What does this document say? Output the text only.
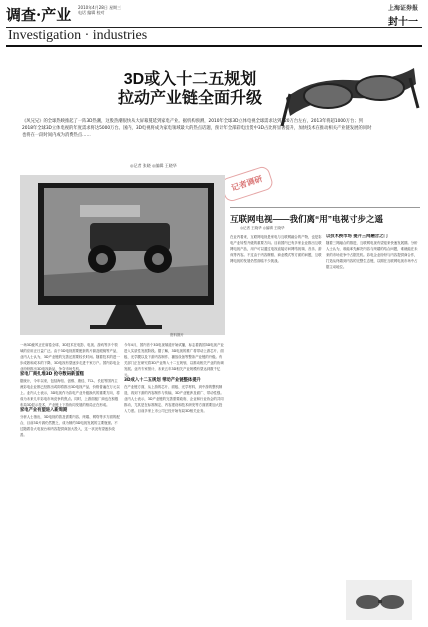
调查·产业 2010年4月28日 星期三
电话 编辑 校对
上海证券报
封十一
Investigation · industries
3D或入十二五规划
拉动产业链全面升级
《风兄兄》的全球热映推起了一阵3D热潮，这股热潮很快从大屏幕蔓延到家电产业。据机构预测，2010年全球3D立体电视全球需求达到120万台左右，2013年将超1000万台；到2018年全球3D立体电视的年度需求将达5000万台。国内，3D电视将成为家电领域最大的热点话题，预计年全部彩电出货中3D占比将显著提升，加快技术在推动相关产业链发展的同时也将在一段时间内成为消费热点……
◎记者 张晓 ◎编辑 王晓华
记者调研
资料图片
互联网电视——我们离“用”电视寸步之遥
◎记者 王晓华 ◎编辑 王晓华
一场3D旋风正在席卷全球，3D技术在电影、电视、游戏等多个领域的应用正日益广泛。由于3D电视需要配套的片源及眼镜等产品，业内人士认为，3D产业链的完善还需要较长时间。随着技术的进一步成熟和成本的下降，3D电视有望逐步走进千家万户。国内彩电企业纷纷推出3D电视新品，争夺市场先机。
家电厂商扎堆3D 抢夺数码新蛋糕
据统计，今年以来，包括海信、创维、康佳、TCL、长虹等国内主流彩电企业都已经推出或即将推出3D电视产品，价格普遍在万元以上。业内人士表示，3D电视作为彩电产业升级换代的重要方向，将成为未来几年彩电市场竞争的焦点。同时，上游面板厂商也在积极布局3D显示技术，产业链上下游协同发展的格局正在形成。
家电产业有望进入新周期
分析人士指出，3D电视的普及需要内容、终端、网络等多方面的配合，目前3D片源仍然匮乏，成为制约3D电视发展的主要瓶颈。不过随着各大电视台和内容提供商加大投入，这一状况有望逐步改善。
今年4月，国内首个3D电视频道开始试播，标志着我国3D电视产业进入实质性发展阶段。据了解，3D电视的推广将带动上游芯片、面板、光学膜以及下游内容制作、播放设备等整条产业链的升级。有关部门正在研究将3D产业纳入十二五规划，以推动相关产业的协调发展。业内专家预计，未来五年3D相关产业规模有望达到数千亿元。
3D成入十二五规划 带动产业链整体提升
在产业链方面，从上游的芯片、面板、光学材料，到中游的整机制造，再到下游的内容制作与传输，3D产业链涉及面广、带动性强。业内人士表示，3D产业链的完善需要政府、企业和行业协会的共同推动，尤其是在标准制定、内容建设和技术研发等方面需要加大投入力度。目前多家上市公司已经开始布局3D相关业务。
在业内看来，互联网电视是家电与互联网融合的产物，也是彩电产业转型升级的重要方向。目前国内已有多家企业推出互联网电视产品，用户可以通过电视直接访问网络视频、音乐、游戏等内容。不过由于内容牌照、商业模式等方面的问题，互联网电视的发展仍然面临不少挑战。
以技术换市场 提升三网融合之门
随着三网融合的推进，互联网电视有望迎来快速发展期。分析人士认为，谁能率先解决内容与终端的结合问题，谁就能在未来的市场竞争中占据先机。彩电企业纷纷与内容提供商合作，打造从终端到内容的完整生态链，以期在互联网电视市场中占据主动地位。
